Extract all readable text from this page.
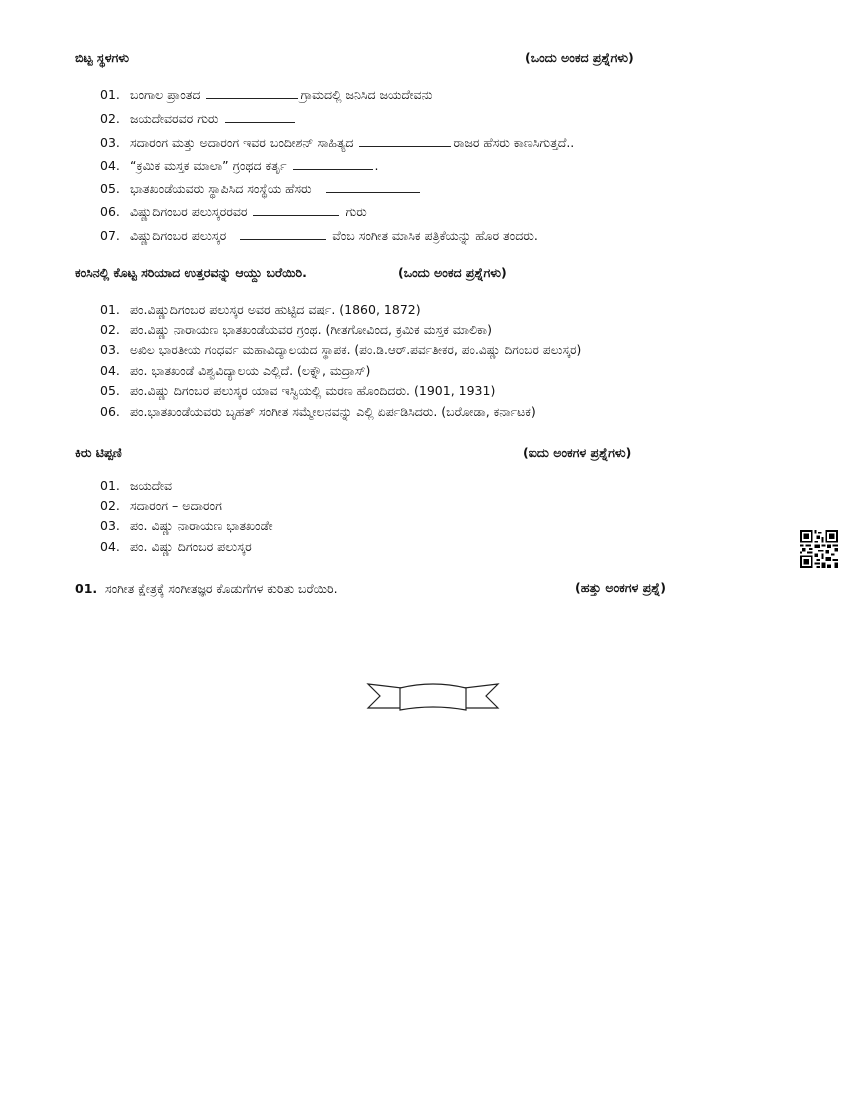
ಬಿಟ್ಟ ಸ್ಥಳಗಳು	(ಒಂದು ಅಂಕದ ಪ್ರಶ್ನೆಗಳು)
01. ಬಂಗಾಲ ಪ್ರಾಂತದ	ಗ್ರಾಮದಲ್ಲಿ ಜನಿಸಿದ ಜಯದೇವನು
02. ಜಯದೇವರವರ ಗುರು
03. ಸದಾರಂಗ ಮತ್ತು ಅದಾರಂಗ ಇವರ ಬಂದೀಶನ್ ಸಾಹಿತ್ಯದ	ರಾಜರ ಹೆಸರು ಕಾಣಸಿಗುತ್ತದೆ..
04. “ಕ್ರಮಿಕ ಮಸ್ತಕ ಮಾಲಾ” ಗ್ರಂಥದ ಕರ್ತೃ	.
05. ಭಾತಖಂಡೆಯವರು ಸ್ಥಾಪಿಸಿದ ಸಂಸ್ಥೆಯ ಹೆಸರು
06. ವಿಷ್ಣುದಿಗಂಬರ ಪಲುಸ್ಕರರವರ	ಗುರು
07. ವಿಷ್ಣುದಿಗಂಬರ ಪಲುಸ್ಕರ	ವೆಂಬ ಸಂಗೀತ ಮಾಸಿಕ ಪತ್ರಿಕೆಯನ್ನು ಹೊರ ತಂದರು.
ಕಂಸಿನಲ್ಲಿ ಕೊಟ್ಟ ಸರಿಯಾದ ಉತ್ತರವನ್ನು ಆಯ್ದು ಬರೆಯಿರಿ.	(ಒಂದು ಅಂಕದ ಪ್ರಶ್ನೆಗಳು)
01. ಪಂ.ವಿಷ್ಣುದಿಗಂಬರ ಪಲುಸ್ಕರ ಅವರ ಹುಟ್ಟಿದ ವರ್ಷ. (1860, 1872)
02. ಪಂ.ವಿಷ್ಣು ನಾರಾಯಣ ಭಾತಖಂಡೆಯವರ ಗ್ರಂಥ. (ಗೀತಗೋವಿಂದ, ಕ್ರಮಿಕ ಮಸ್ತಕ ಮಾಲಿಕಾ)
03. ಅಖಿಲ ಭಾರತೀಯ ಗಂಧರ್ವ ಮಹಾವಿದ್ಯಾಲಯದ ಸ್ಥಾಪಕ. (ಪಂ.ಡಿ.ಆರ್.ಪರ್ವತೀಕರ, ಪಂ.ವಿಷ್ಣು ದಿಗಂಬರ ಪಲುಸ್ಕರ)
04. ಪಂ. ಭಾತಖಂಡೆ ವಿಶ್ವವಿದ್ಯಾಲಯ ಎಲ್ಲಿದೆ. (ಲಕ್ನೌ, ಮದ್ರಾಸ್)
05. ಪಂ.ವಿಷ್ಣು ದಿಗಂಬರ ಪಲುಸ್ಕರ ಯಾವ ಇಸ್ವಿಯಲ್ಲಿ ಮರಣ ಹೊಂದಿದರು. (1901, 1931)
06. ಪಂ.ಭಾತಖಂಡೆಯವರು ಬೃಹತ್ ಸಂಗೀತ ಸಮ್ಮೇಲನವನ್ನು ಎಲ್ಲಿ ಏರ್ಪಡಿಸಿದರು. (ಬರೋಡಾ, ಕರ್ನಾಟಕ)
ಕಿರು ಟಿಪ್ಪಣಿ	(ಐದು ಅಂಕಗಳ ಪ್ರಶ್ನೆಗಳು)
01. ಜಯದೇವ
02. ಸದಾರಂಗ – ಅದಾರಂಗ
03. ಪಂ. ವಿಷ್ಣು ನಾರಾಯಣ ಭಾತಖಂಡೇ
04. ಪಂ. ವಿಷ್ಣು ದಿಗಂಬರ ಪಲುಸ್ಕರ
01. ಸಂಗೀತ ಕ್ಷೇತ್ರಕ್ಕೆ ಸಂಗೀತಜ್ಞರ ಕೊಡುಗೆಗಳ ಕುರಿತು ಬರೆಯಿರಿ.	(ಹತ್ತು ಅಂಕಗಳ ಪ್ರಶ್ನೆ)
